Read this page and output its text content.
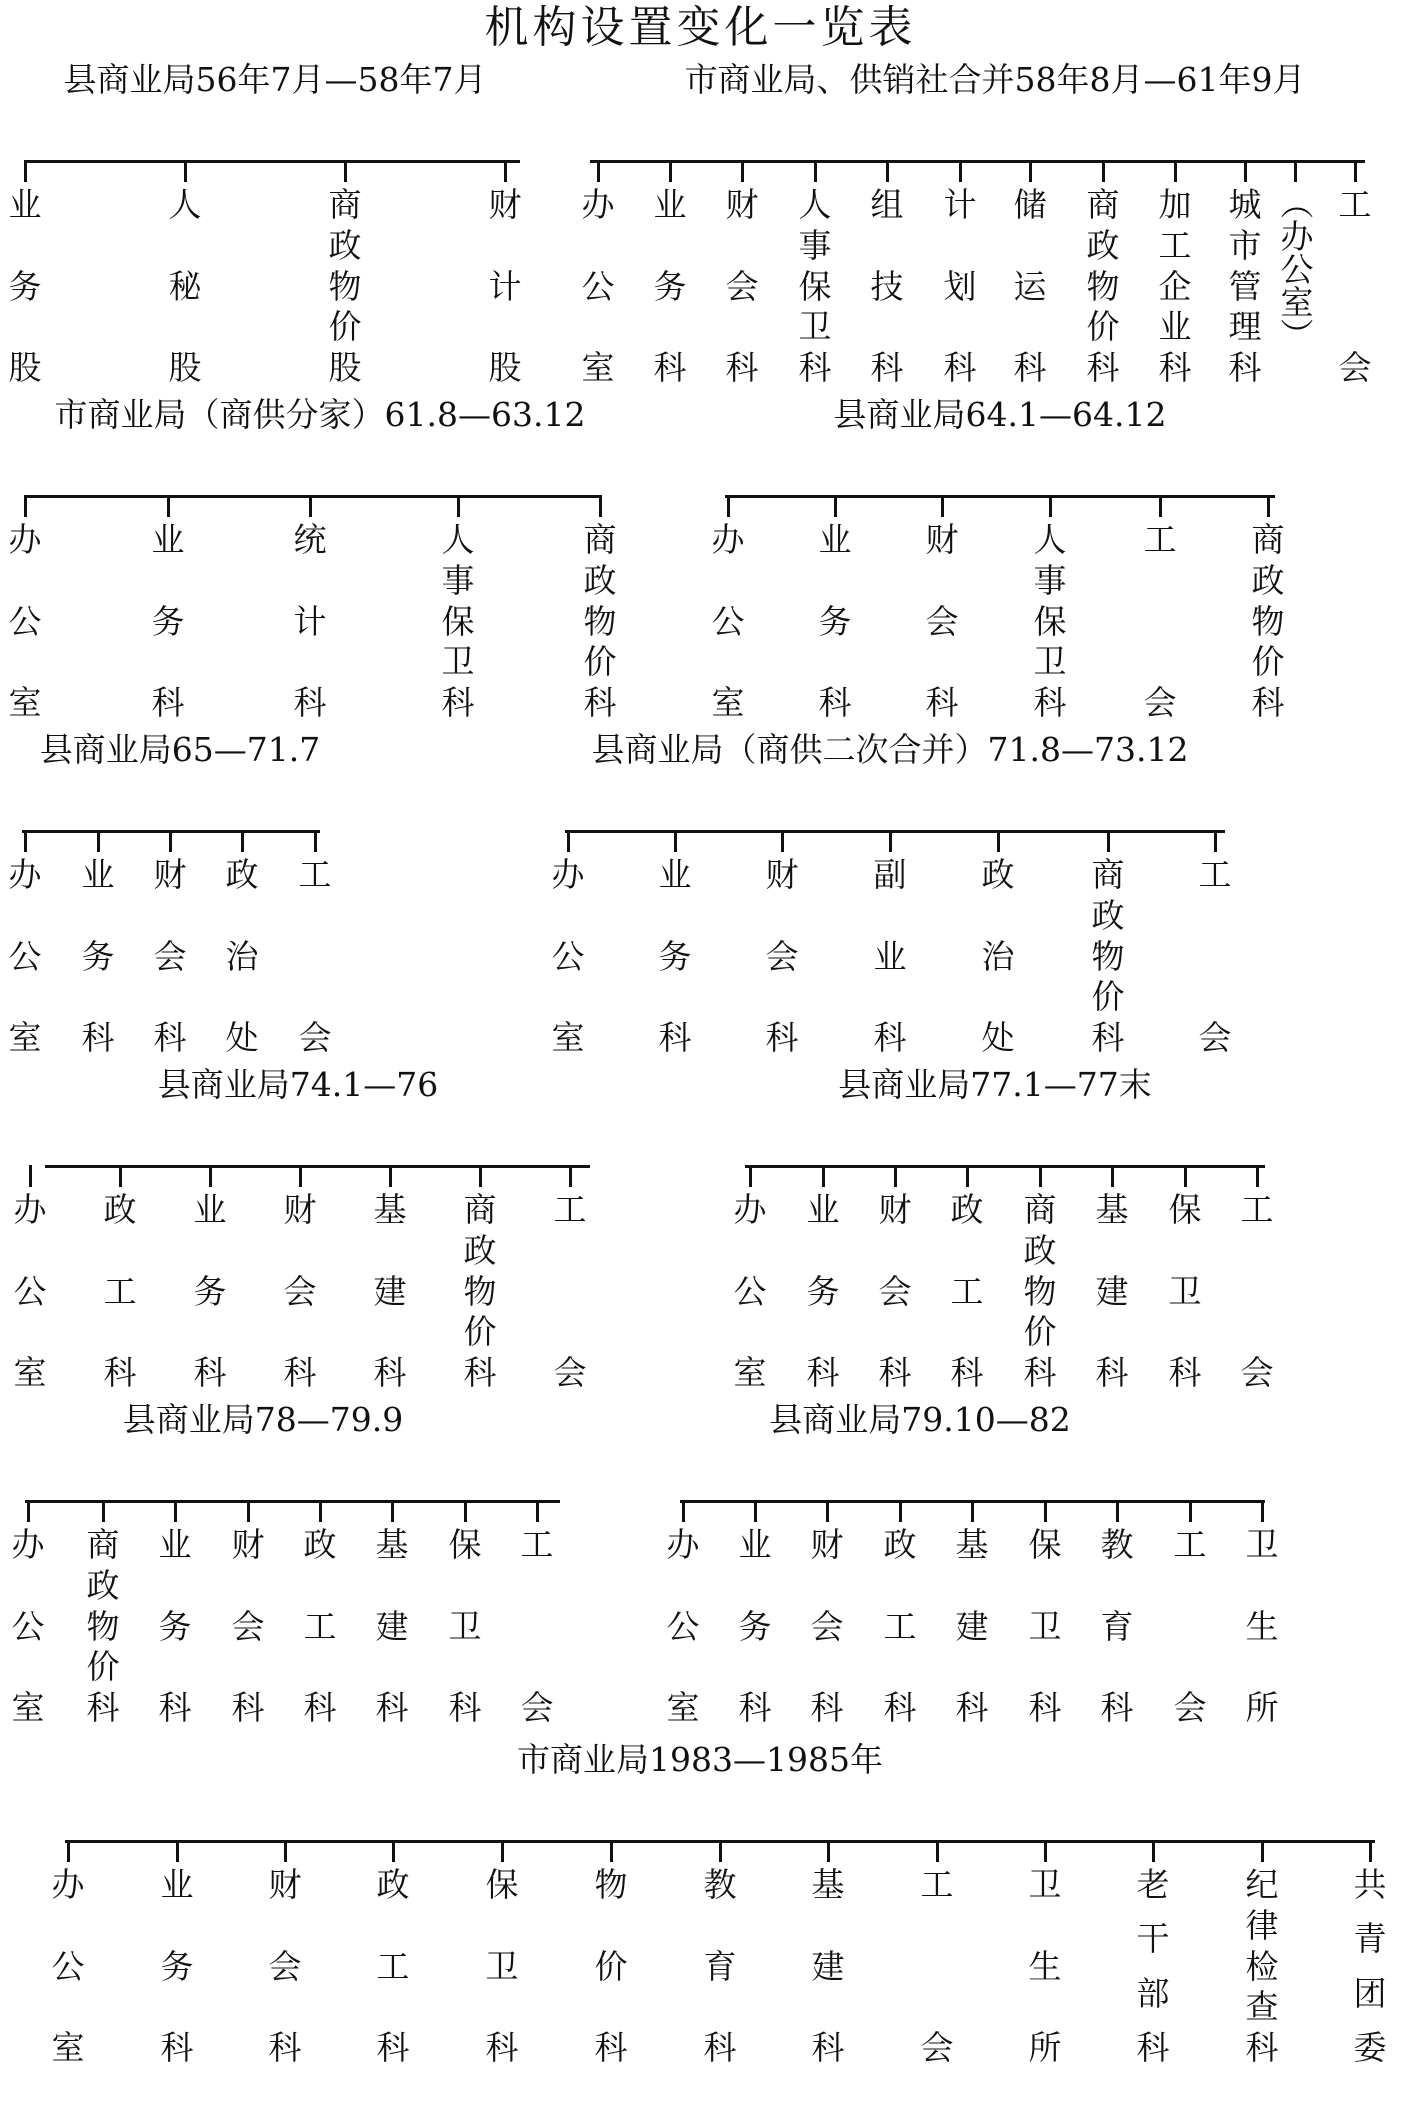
机构设置变化一览表
县商业局56年7月—58年7月
业
务
股
人
秘
股
商
政
物
价
股
财
计
股
市商业局、供销社合并58年8月—61年9月
办
公
室
业
务
科
财
会
科
人
事
保
卫
科
组
技
科
计
划
科
储
运
科
商
政
物
价
科
加
工
企
业
科
城
市
管
理
科
（办公室） 工
会
市商业局（商供分家）61.8—63.12
办
公
室
业
务
科
统
计
科
人
事
保
卫
科
商
政
物
价
科
县商业局64.1—64.12
办
公
室
业
务
科
财
会
科
人
事
保
卫
科
工
会
商
政
物
价
科
县商业局65—71.7
办
公
室
业
务
科
财
会
科
政
治
处
工
会
县商业局（商供二次合并）71.8—73.12
办
公
室
业
务
科
财
会
科
副
业
科
政
治
处
商
政
物
价
科
工
会
县商业局74.1—76
办
公
室
政
工
科
业
务
科
财
会
科
基
建
科
商
政
物
价
科
工
会
县商业局77.1—77末
办
公
室
业
务
科
财
会
科
政
工
科
商
政
物
价
科
基
建
科
保
卫
科
工
会
县商业局78—79.9
办
公
室
商
政
物
价
科
业
务
科
财
会
科
政
工
科
基
建
科
保
卫
科
工
会
县商业局79.10—82
办
公
室
业
务
科
财
会
科
政
工
科
基
建
科
保
卫
科
教
育
科
工
会
卫
生
所
市商业局1983—1985年
办
公
室
业
务
科
财
会
科
政
工
科
保
卫
科
物
价
科
教
育
科
基
建
科
工
会
卫
生
所
老
干
部
科
纪
律
检
查
科
共
青
团
委
